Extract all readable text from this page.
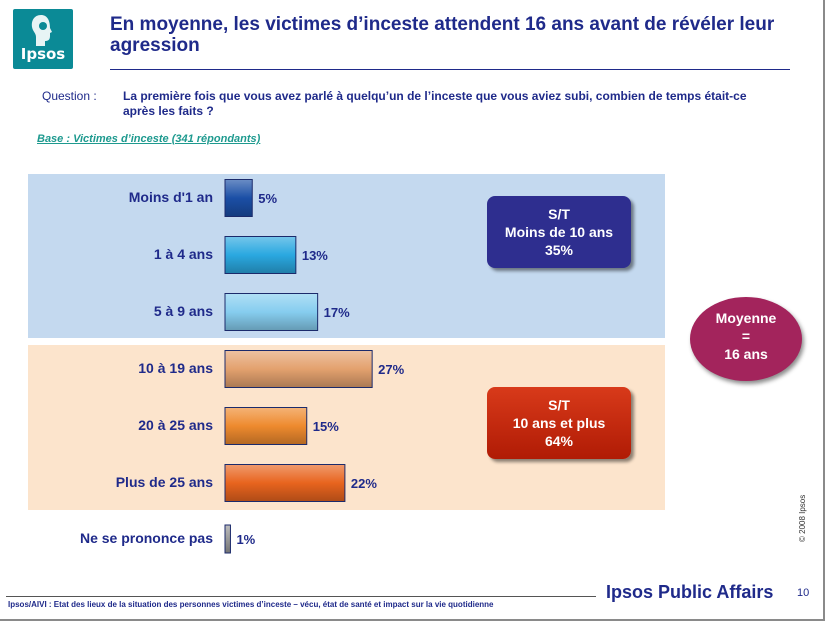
Ipsos
En moyenne, les victimes d’inceste attendent 16 ans avant de révéler leur agression
Question : La première fois que vous avez parlé à quelqu’un de l’inceste que vous aviez subi, combien de temps était-ce après les faits ?
Base : Victimes d’inceste (341 répondants)
Moins d'1 an	5%
1 à 4 ans	13%
5 à 9 ans	17%
10 à 19 ans	27%
20 à 25 ans	15%
Plus de 25 ans	22%
Ne se prononce pas 1%
S/T
Moins de 10 ans
35%
S/T
10 ans et plus
64%
Moyenne
=
16 ans
© 2008 Ipsos
Ipsos/AIVI : Etat des lieux de la situation des personnes victimes d’inceste – vécu, état de santé et impact sur la vie quotidienne
Ipsos Public Affairs 10
